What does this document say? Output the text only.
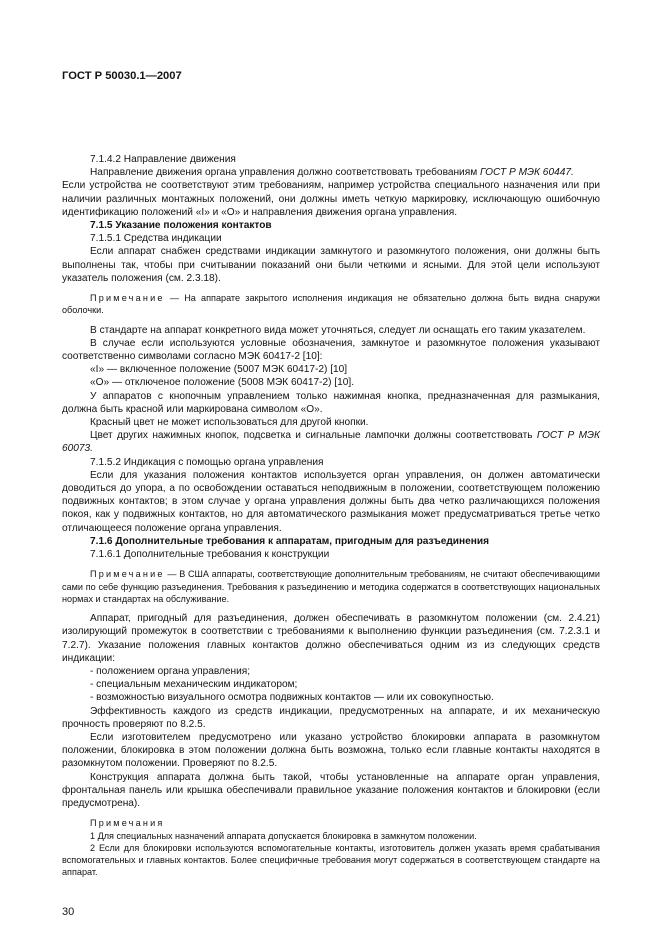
ГОСТ Р 50030.1—2007

7.1.4.2 Направление движения

Направление движения органа управления должно соответствовать требованиям ГОСТ Р МЭК 60447.
Если устройства не соответствуют этим требованиям, например устройства специального назначения или при наличии различных монтажных положений, они должны иметь четкую маркировку, исключающую ошибочную идентификацию положений «I» и «O» и направления движения органа управления.

7.1.5 Указание положения контактов

7.1.5.1 Средства индикации

Если аппарат снабжен средствами индикации замкнутого и разомкнутого положения, они должны быть выполнены так, чтобы при считывании показаний они были четкими и ясными. Для этой цели используют указатель положения (см. 2.3.18).

Примечание — На аппарате закрытого исполнения индикация не обязательно должна быть видна снаружи оболочки.

В стандарте на аппарат конкретного вида может уточняться, следует ли оснащать его таким указателем.

В случае если используются условные обозначения, замкнутое и разомкнутое положения указывают соответственно символами согласно МЭК 60417-2 [10]:

«I» — включенное положение (5007 МЭК 60417-2) [10]

«O» — отключеное положение (5008 МЭК 60417-2) [10].

У аппаратов с кнопочным управлением только нажимная кнопка, предназначенная для размыкания, должна быть красной или маркирована символом «O».

Красный цвет не может использоваться для другой кнопки.

Цвет других нажимных кнопок, подсветка и сигнальные лампочки должны соответствовать ГОСТ Р МЭК 60073.

7.1.5.2 Индикация с помощью органа управления

Если для указания положения контактов используется орган управления, он должен автоматически доводиться до упора, а по освобождении оставаться неподвижным в положении, соответствующем положению подвижных контактов; в этом случае у органа управления должны быть два четко различающихся положения покоя, как у подвижных контактов, но для автоматического размыкания может предусматриваться третье четко отличающееся положение органа управления.

7.1.6 Дополнительные требования к аппаратам, пригодным для разъединения

7.1.6.1 Дополнительные требования к конструкции

Примечание — В США аппараты, соответствующие дополнительным требованиям, не считают обеспечивающими сами по себе функцию разъединения. Требования к разъединению и методика содержатся в соответствующих национальных нормах и стандартах на обслуживание.

Аппарат, пригодный для разъединения, должен обеспечивать в разомкнутом положении (см. 2.4.21) изолирующий промежуток в соответствии с требованиями к выполнению функции разъединения (см. 7.2.3.1 и 7.2.7). Указание положения главных контактов должно обеспечиваться одним из из следующих средств индикации:

- положением органа управления;

- специальным механическим индикатором;

- возможностью визуального осмотра подвижных контактов — или их совокупностью.

Эффективность каждого из средств индикации, предусмотренных на аппарате, и их механическую прочность проверяют по 8.2.5.

Если изготовителем предусмотрено или указано устройство блокировки аппарата в разомкнутом положении, блокировка в этом положении должна быть возможна, только если главные контакты находятся в разомкнутом положении. Проверяют по 8.2.5.

Конструкция аппарата должна быть такой, чтобы установленные на аппарате орган управления, фронтальная панель или крышка обеспечивали правильное указание положения контактов и блокировки (если предусмотрена).

Примечания

1 Для специальных назначений аппарата допускается блокировка в замкнутом положении.

2 Если для блокировки используются вспомогательные контакты, изготовитель должен указать время срабатывания вспомогательных и главных контактов. Более специфичные требования могут содержаться в соответствующем стандарте на аппарат.

30
